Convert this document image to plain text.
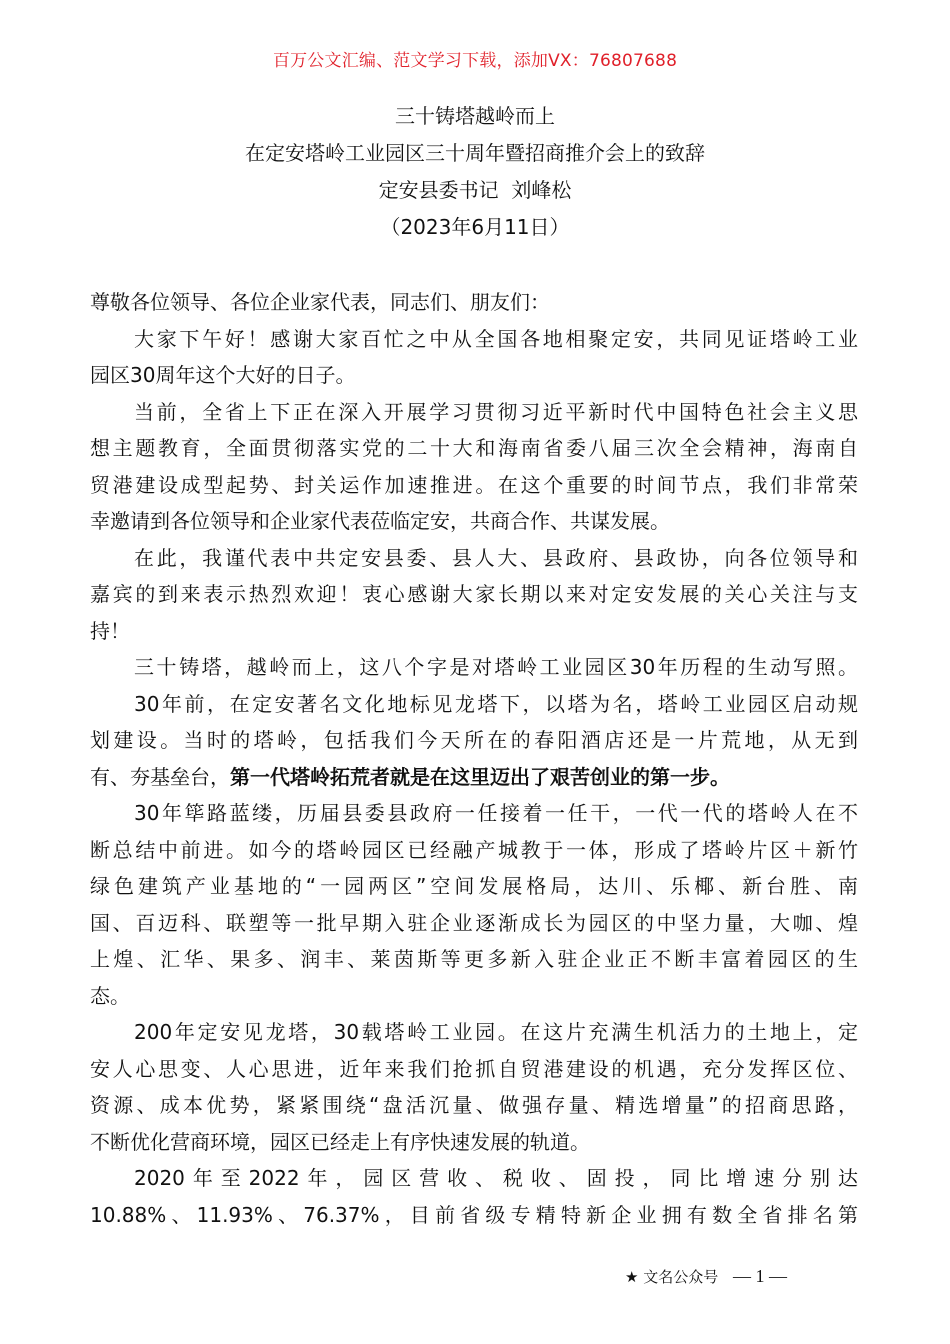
百万公文汇编、范文学习下载，添加VX：76807688
三十铸塔越岭而上
在定安塔岭工业园区三十周年暨招商推介会上的致辞
定安县委书记  刘峰松
（2023年6月11日）
尊敬各位领导、各位企业家代表，同志们、朋友们：
大家下午好！感谢大家百忙之中从全国各地相聚定安，共同见证塔岭工业
园区30周年这个大好的日子。
当前，全省上下正在深入开展学习贯彻习近平新时代中国特色社会主义思
想主题教育，全面贯彻落实党的二十大和海南省委八届三次全会精神，海南自
贸港建设成型起势、封关运作加速推进。在这个重要的时间节点，我们非常荣
幸邀请到各位领导和企业家代表莅临定安，共商合作、共谋发展。
在此，我谨代表中共定安县委、县人大、县政府、县政协，向各位领导和
嘉宾的到来表示热烈欢迎！衷心感谢大家长期以来对定安发展的关心关注与支
持！
三十铸塔，越岭而上，这八个字是对塔岭工业园区30年历程的生动写照。
30年前，在定安著名文化地标见龙塔下，以塔为名，塔岭工业园区启动规
划建设。当时的塔岭，包括我们今天所在的春阳酒店还是一片荒地，从无到
有、夯基垒台，第一代塔岭拓荒者就是在这里迈出了艰苦创业的第一步。
30年筚路蓝缕，历届县委县政府一任接着一任干，一代一代的塔岭人在不
断总结中前进。如今的塔岭园区已经融产城教于一体，形成了塔岭片区＋新竹
绿色建筑产业基地的“一园两区”空间发展格局，达川、乐椰、新台胜、南
国、百迈科、联塑等一批早期入驻企业逐渐成长为园区的中坚力量，大咖、煌
上煌、汇华、果多、润丰、莱茵斯等更多新入驻企业正不断丰富着园区的生
态。
200年定安见龙塔，30载塔岭工业园。在这片充满生机活力的土地上，定
安人心思变、人心思进，近年来我们抢抓自贸港建设的机遇，充分发挥区位、
资源、成本优势，紧紧围绕“盘活沉量、做强存量、精选增量”的招商思路，
不断优化营商环境，园区已经走上有序快速发展的轨道。
2020年至2022年，园区营收、税收、固投，同比增速分别达
10.88%、11.93%、76.37%，目前省级专精特新企业拥有数全省排名第
★ 文名公众号 — 1 —
